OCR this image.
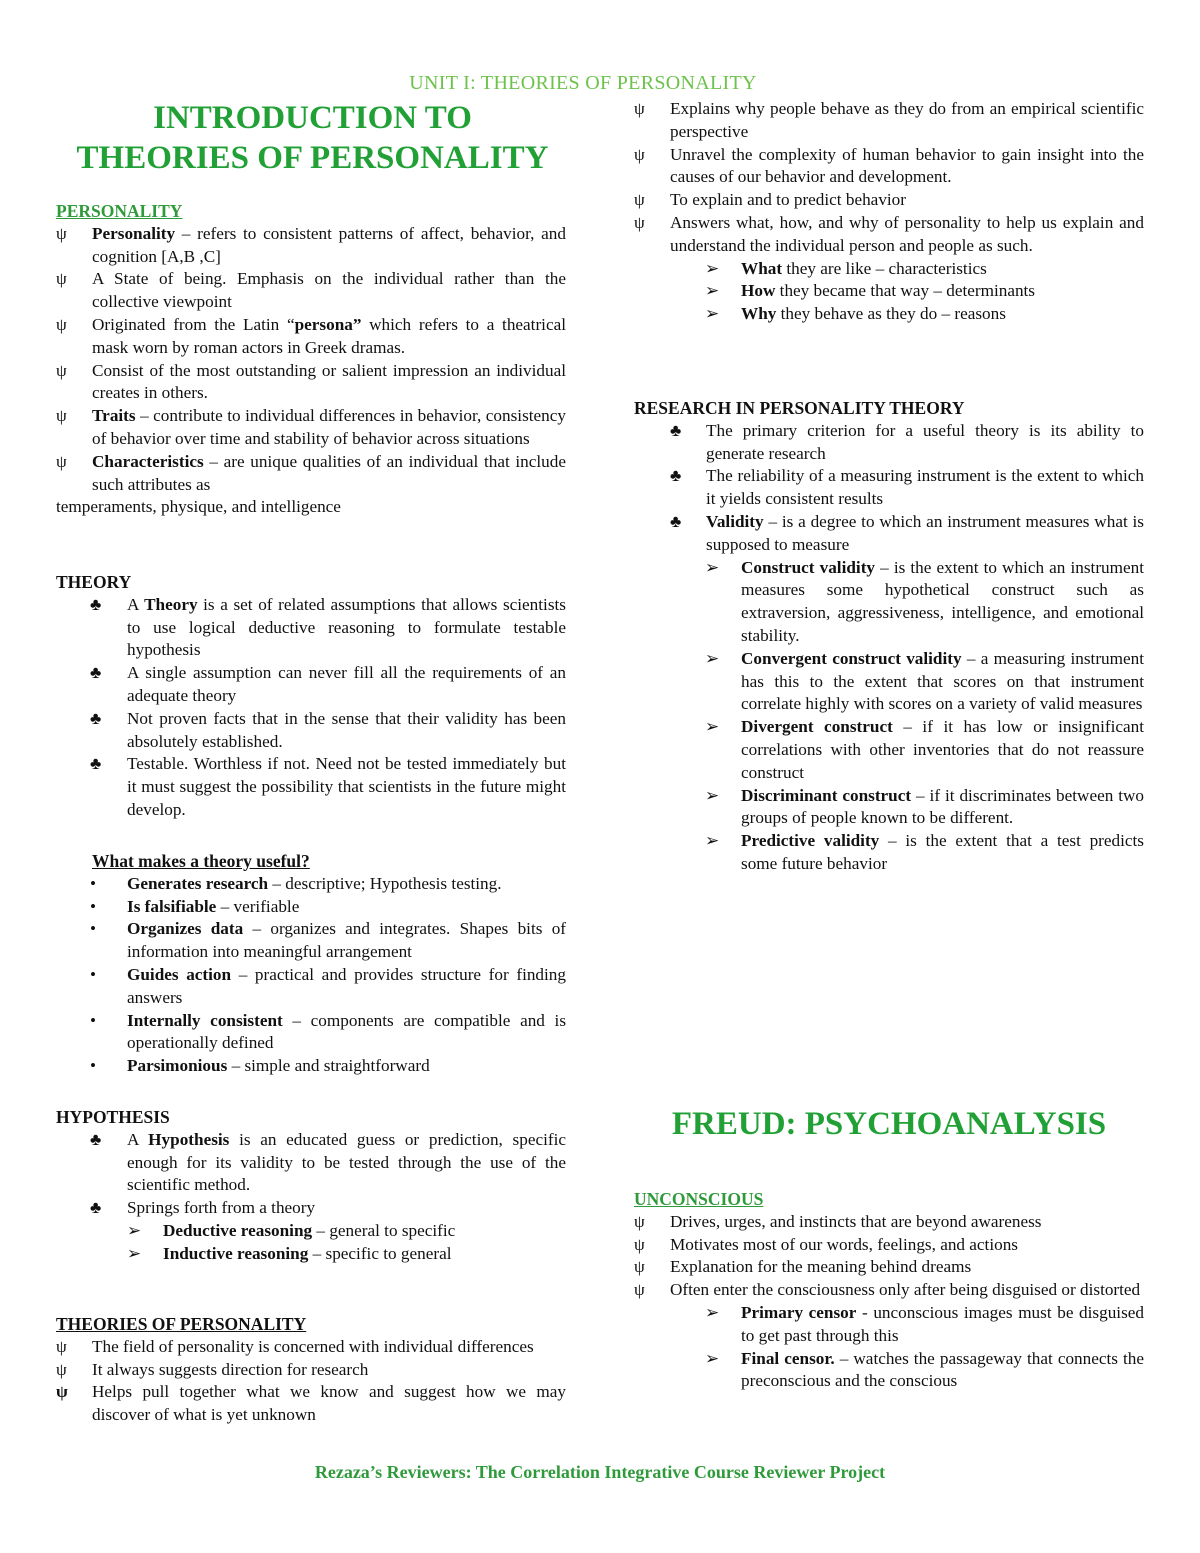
UNIT I: THEORIES OF PERSONALITY
INTRODUCTION TO
THEORIES OF PERSONALITY
PERSONALITY
ψ Personality – refers to consistent patterns of affect, behavior, and cognition [A,B ,C]
ψ A State of being. Emphasis on the individual rather than the collective viewpoint
ψ Originated from the Latin “persona” which refers to a theatrical mask worn by roman actors in Greek dramas.
ψ Consist of the most outstanding or salient impression an individual creates in others.
ψ Traits – contribute to individual differences in behavior, consistency of behavior over time and stability of behavior across situations
ψ Characteristics – are unique qualities of an individual that include such attributes as
temperaments, physique, and intelligence
THEORY
♣ A Theory is a set of related assumptions that allows scientists to use logical deductive reasoning to formulate testable hypothesis
♣ A single assumption can never fill all the requirements of an adequate theory
♣ Not proven facts that in the sense that their validity has been absolutely established.
♣ Testable. Worthless if not. Need not be tested immediately but it must suggest the possibility that scientists in the future might develop.
What makes a theory useful?
• Generates research – descriptive; Hypothesis testing.
• Is falsifiable – verifiable
• Organizes data – organizes and integrates. Shapes bits of information into meaningful arrangement
• Guides action – practical and provides structure for finding answers
• Internally consistent – components are compatible and is operationally defined
• Parsimonious – simple and straightforward
HYPOTHESIS
♣ A Hypothesis is an educated guess or prediction, specific enough for its validity to be tested through the use of the scientific method.
♣ Springs forth from a theory
➢ Deductive reasoning – general to specific
➢ Inductive reasoning – specific to general
THEORIES OF PERSONALITY
ψ The field of personality is concerned with individual differences
ψ It always suggests direction for research
ψ Helps pull together what we know and suggest how we may discover of what is yet unknown
ψ Explains why people behave as they do from an empirical scientific perspective
ψ Unravel the complexity of human behavior to gain insight into the causes of our behavior and development.
ψ To explain and to predict behavior
ψ Answers what, how, and why of personality to help us explain and understand the individual person and people as such.
➢ What they are like – characteristics
➢ How they became that way – determinants
➢ Why they behave as they do – reasons
RESEARCH IN PERSONALITY THEORY
♣ The primary criterion for a useful theory is its ability to generate research
♣ The reliability of a measuring instrument is the extent to which it yields consistent results
♣ Validity – is a degree to which an instrument measures what is supposed to measure
➢ Construct validity – is the extent to which an instrument measures some hypothetical construct such as extraversion, aggressiveness, intelligence, and emotional stability.
➢ Convergent construct validity – a measuring instrument has this to the extent that scores on that instrument correlate highly with scores on a variety of valid measures
➢ Divergent construct – if it has low or insignificant correlations with other inventories that do not reassure construct
➢ Discriminant construct – if it discriminates between two groups of people known to be different.
➢ Predictive validity – is the extent that a test predicts some future behavior
FREUD: PSYCHOANALYSIS
UNCONSCIOUS
ψ Drives, urges, and instincts that are beyond awareness
ψ Motivates most of our words, feelings, and actions
ψ Explanation for the meaning behind dreams
ψ Often enter the consciousness only after being disguised or distorted
➢ Primary censor - unconscious images must be disguised to get past through this
➢ Final censor. – watches the passageway that connects the preconscious and the conscious
Rezaza’s Reviewers: The Correlation Integrative Course Reviewer Project
